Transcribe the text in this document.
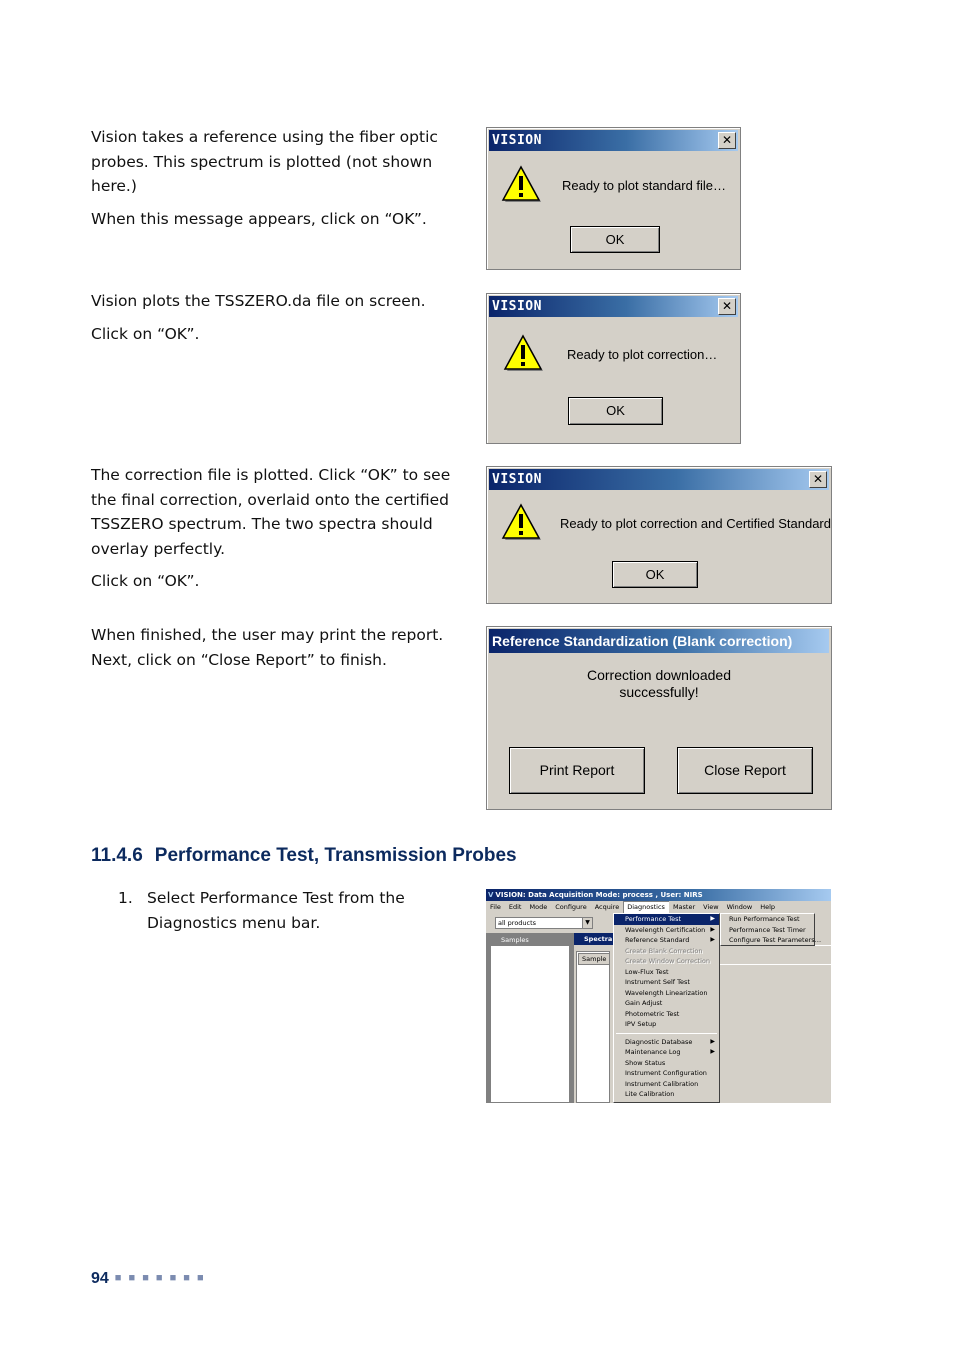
Vision takes a reference using the fiber optic probes. This spectrum is plotted (not shown here.)

When this message appears, click on “OK”.

VISION	✕
Ready to plot standard file…
OK

Vision plots the TSSZERO.da file on screen.

Click on “OK”.

VISION	✕
Ready to plot correction…
OK

The correction file is plotted. Click “OK” to see the final correction, overlaid onto the certified TSSZERO spectrum. The two spectra should overlay perfectly.

Click on “OK”.

VISION	✕
Ready to plot correction and Certified Standard
OK

When finished, the user may print the report. Next, click on “Close Report” to finish.

Reference Standardization (Blank correction)
Correction downloaded
successfully!
Print Report	Close Report
11.4.6 Performance Test, Transmission Probes
1. Select Performance Test from the Diagnostics menu bar.
V VISION: Data Acquisition Mode: process , User: NIRS
File Edit Mode Configure Acquire Diagnostics Master View Window Help
all products	▼
Samples	Spectra
Sample
Performance Test	▶
Wavelength Certification ▶
Reference Standard	▶
Create Blank Correction
Create Window Correction
Low-Flux Test
Instrument Self Test
Wavelength Linearization
Gain Adjust
Photometric Test
IPV Setup
Diagnostic Database	▶
Maintenance Log	▶
Show Status
Instrument Configuration
Instrument Calibration
Lite Calibration
Run Performance Test
Performance Test Timer
Configure Test Parameters…
94 ■ ■ ■ ■ ■ ■ ■
